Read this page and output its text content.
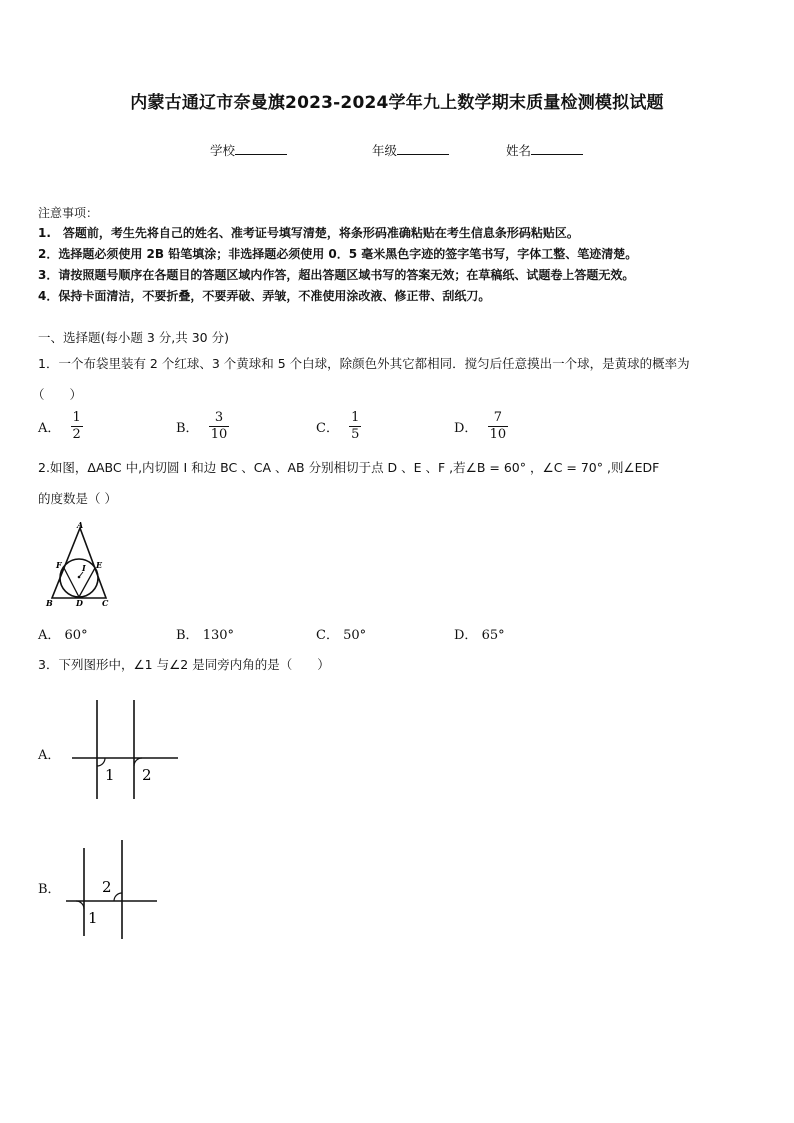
内蒙古通辽市奈曼旗2023-2024学年九上数学期末质量检测模拟试题
学校	年级	姓名
注意事项：
1.　答题前，考生先将自己的姓名、准考证号填写清楚，将条形码准确粘贴在考生信息条形码粘贴区。
2．选择题必须使用 2B 铅笔填涂；非选择题必须使用 0．5 毫米黑色字迹的签字笔书写，字体工整、笔迹清楚。
3．请按照题号顺序在各题目的答题区域内作答，超出答题区域书写的答案无效；在草稿纸、试题卷上答题无效。
4．保持卡面清洁，不要折叠，不要弄破、弄皱，不准使用涂改液、修正带、刮纸刀。
一、选择题(每小题 3 分,共 30 分)
1．一个布袋里装有 2 个红球、3 个黄球和 5 个白球，除颜色外其它都相同．搅匀后任意摸出一个球，是黄球的概率为
（　　）
A． $\frac{1}{2}$	B． $\frac{3}{10}$	C． $\frac{1}{5}$	D． $\frac{7}{10}$
2.如图，ΔABC 中,内切圆 I 和边 BC 、CA 、AB 分别相切于点 D 、E 、F ,若∠B = 60° ，∠C = 70° ,则∠EDF
的度数是（ ）
A
B	D C
F	E
I
A． 60°	B． 130°	C． 50°	D． 65°
3．下列图形中，∠1 与∠2 是同旁内角的是（　　）
A．
1 2
B．
1
2
